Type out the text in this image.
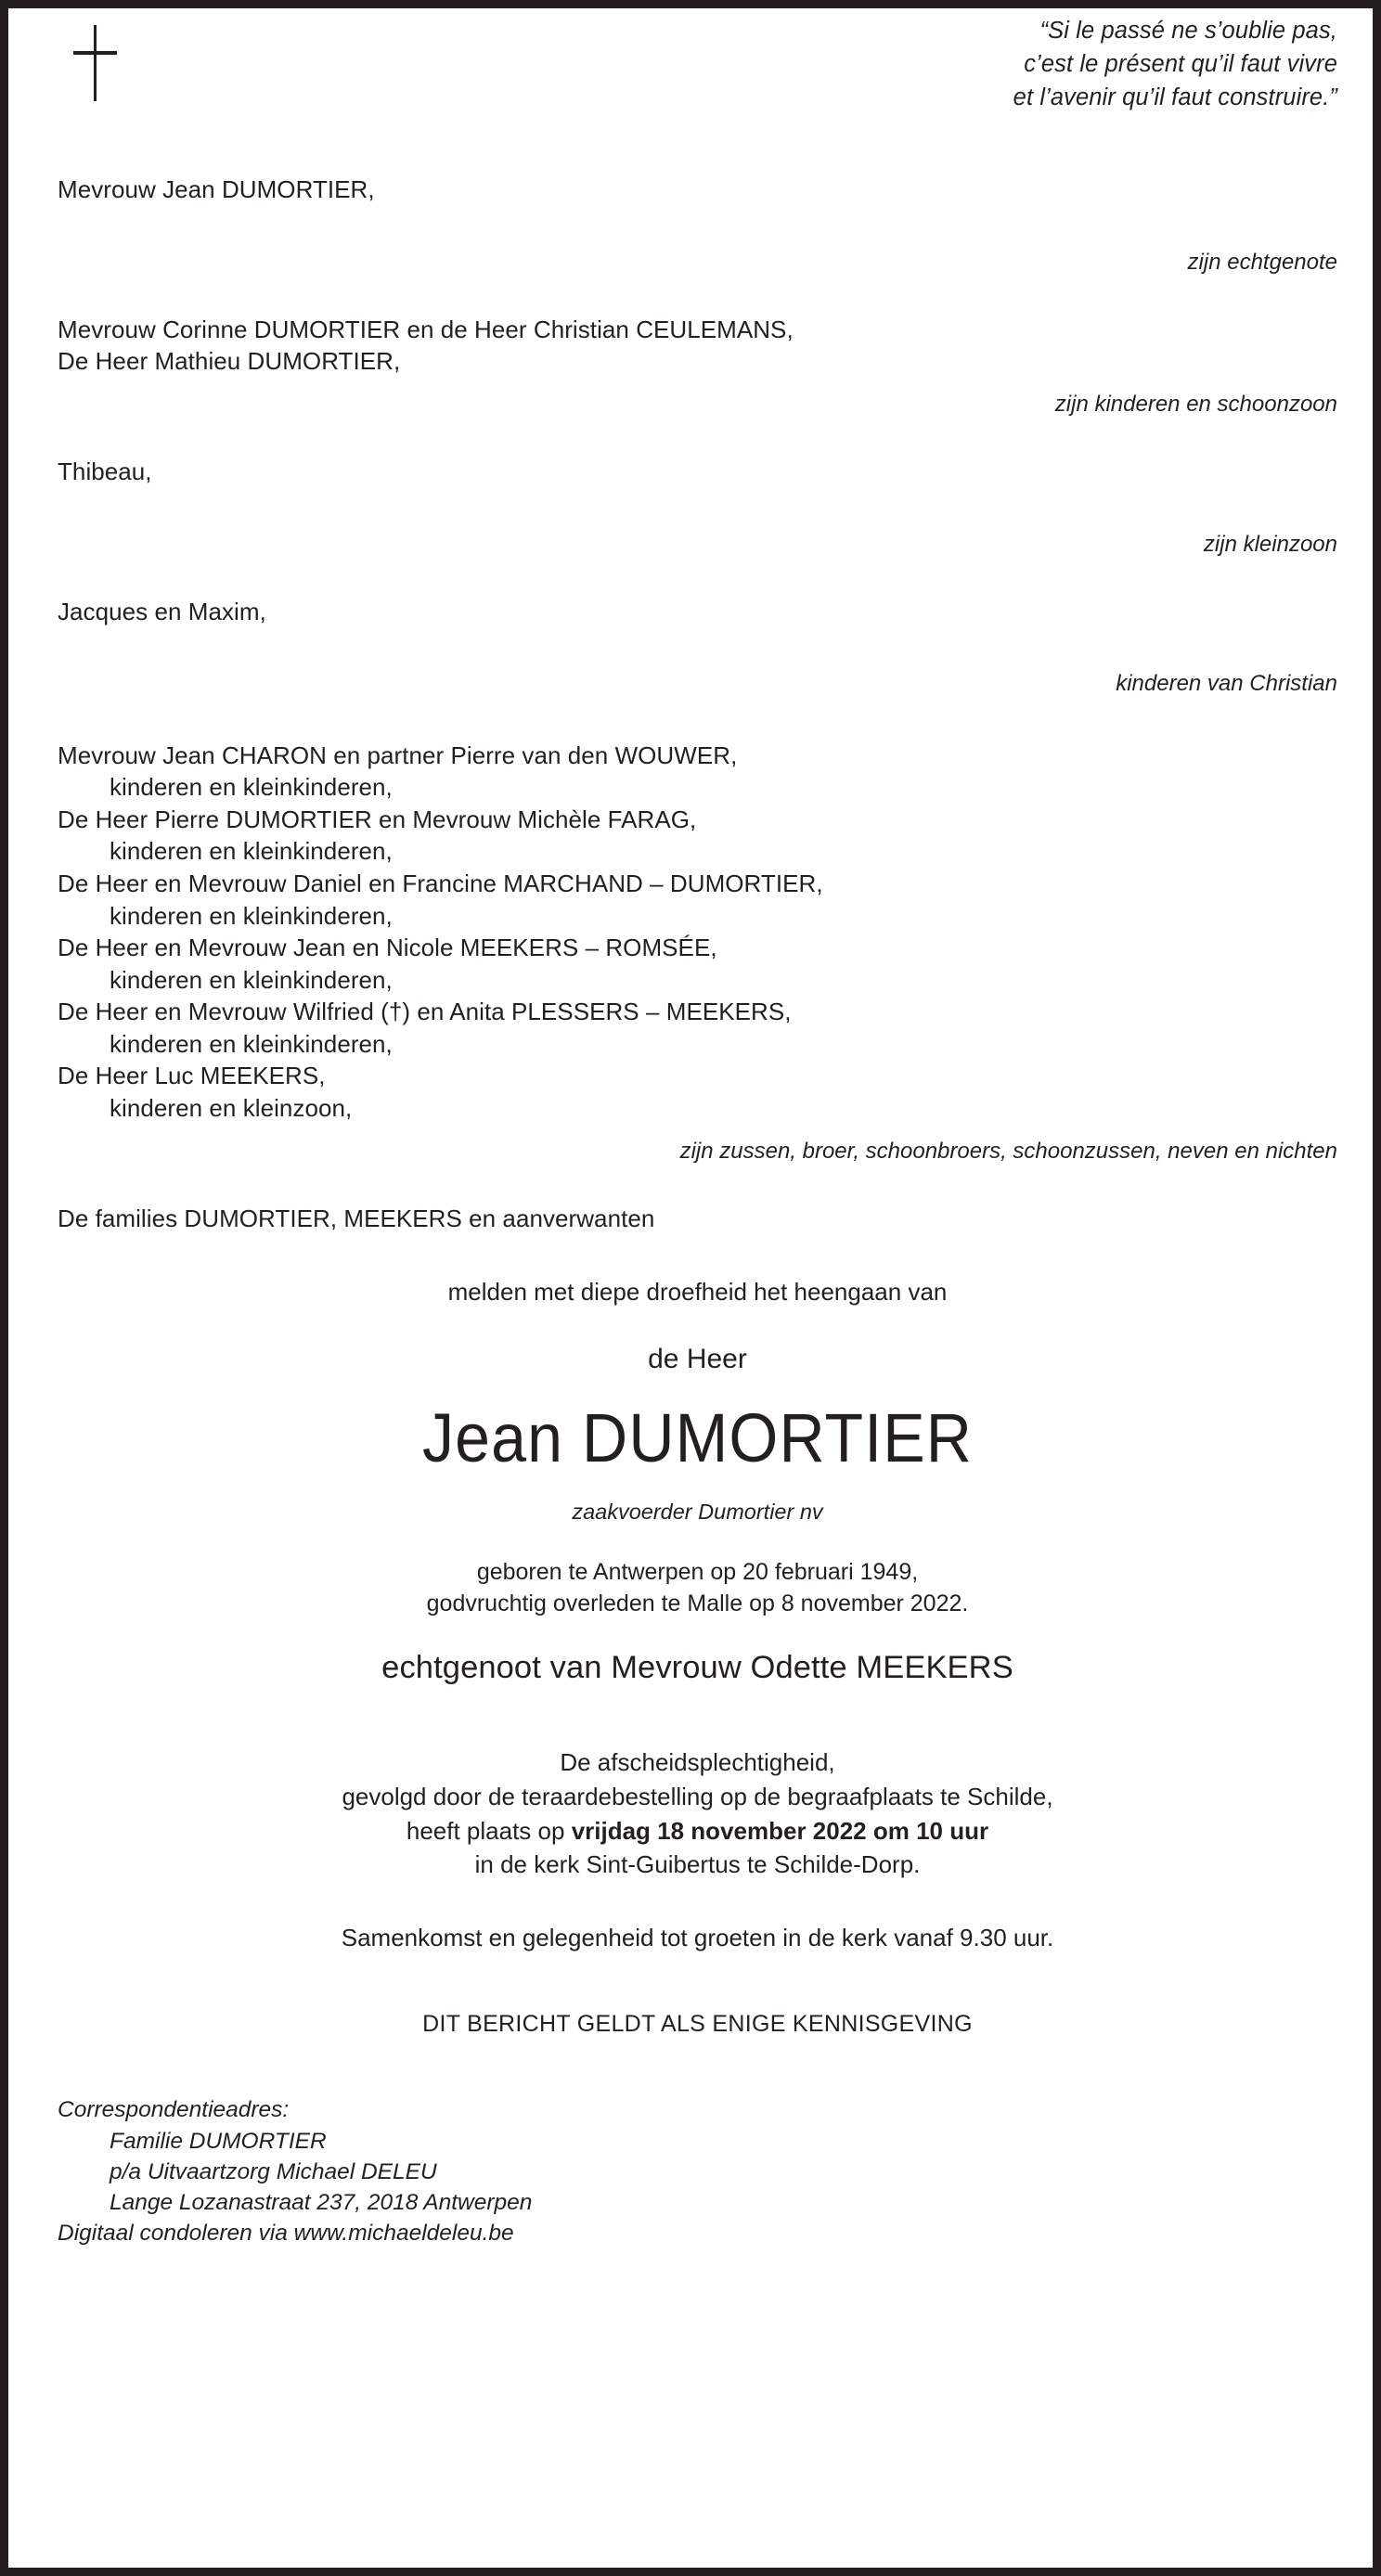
“Si le passé ne s’oublie pas,
c’est le présent qu’il faut vivre
et l’avenir qu’il faut construire.”
Mevrouw Jean DUMORTIER,
zijn echtgenote
Mevrouw Corinne DUMORTIER en de Heer Christian CEULEMANS,
De Heer Mathieu DUMORTIER,
zijn kinderen en schoonzoon
Thibeau,
zijn kleinzoon
Jacques en Maxim,
kinderen van Christian
Mevrouw Jean CHARON en partner Pierre van den WOUWER,
kinderen en kleinkinderen,
De Heer Pierre DUMORTIER en Mevrouw Michèle FARAG,
kinderen en kleinkinderen,
De Heer en Mevrouw Daniel en Francine MARCHAND – DUMORTIER,
kinderen en kleinkinderen,
De Heer en Mevrouw Jean en Nicole MEEKERS – ROMSÉE,
kinderen en kleinkinderen,
De Heer en Mevrouw Wilfried (†) en Anita PLESSERS – MEEKERS,
kinderen en kleinkinderen,
De Heer Luc MEEKERS,
kinderen en kleinzoon,
zijn zussen, broer, schoonbroers, schoonzussen, neven en nichten
De families DUMORTIER, MEEKERS en aanverwanten
melden met diepe droefheid het heengaan van
de Heer
Jean DUMORTIER
zaakvoerder Dumortier nv
geboren te Antwerpen op 20 februari 1949,
godvruchtig overleden te Malle op 8 november 2022.
echtgenoot van Mevrouw Odette MEEKERS
De afscheidsplechtigheid,
gevolgd door de teraardebestelling op de begraafplaats te Schilde,
heeft plaats op vrijdag 18 november 2022 om 10 uur
in de kerk Sint-Guibertus te Schilde-Dorp.
Samenkomst en gelegenheid tot groeten in de kerk vanaf 9.30 uur.
DIT BERICHT GELDT ALS ENIGE KENNISGEVING
Correspondentieadres:
Familie DUMORTIER
p/a Uitvaartzorg Michael DELEU
Lange Lozanastraat 237, 2018 Antwerpen
Digitaal condoleren via www.michaeldeleu.be
